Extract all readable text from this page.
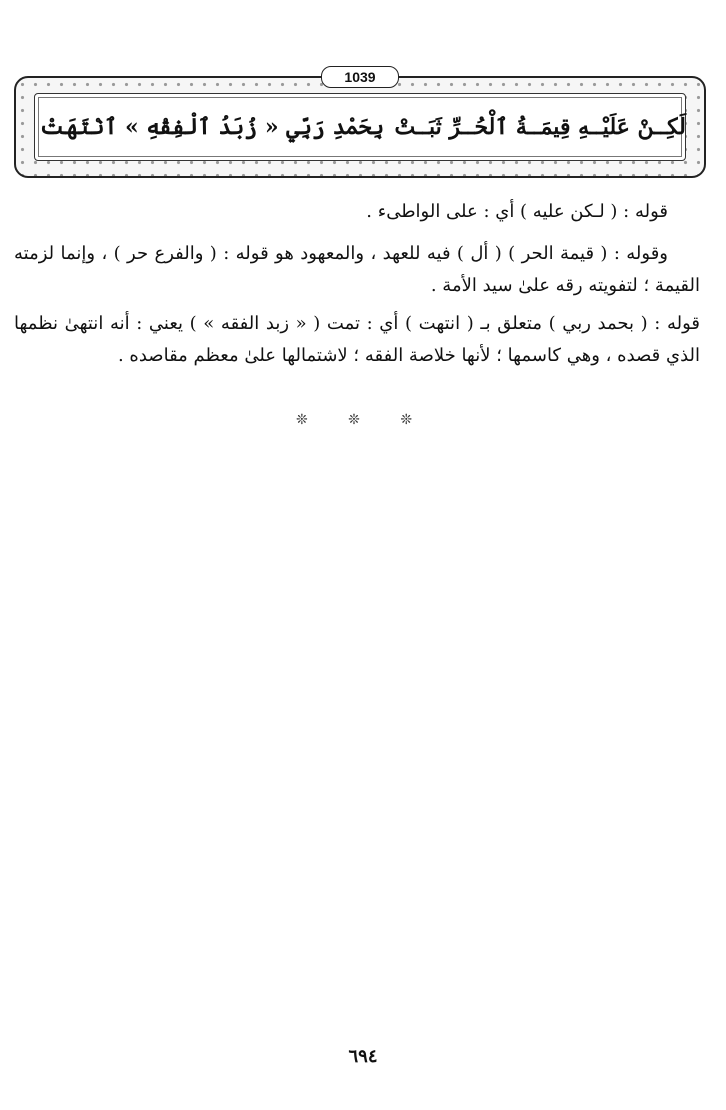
1039
لَكِــنْ عَلَيْــهِ قِيمَــةُ ٱلْحُــرِّ ثَبَــتْ
بِحَمْدِ رَبِّي « زُبَدُ ٱلْفِقْهِ » ٱنْتَهَتْ
قوله : ( لـكن عليه ) أي : على الواطىء .
وقوله : ( قيمة الحر ) ( أل ) فيه للعهد ، والمعهود هو قوله : ( والفرع حر ) ، وإنما لزمته القيمة ؛ لتفويته رقه علىٰ سيد الأمة .
قوله : ( بحمد ربي ) متعلق بـ ( انتهت ) أي : تمت ( « زبد الفقه » ) يعني : أنه انتهىٰ نظمها الذي قصده ، وهي كاسمها ؛ لأنها خلاصة الفقه ؛ لاشتمالها علىٰ معظم مقاصده .
❊ ❊ ❊
٦٩٤
